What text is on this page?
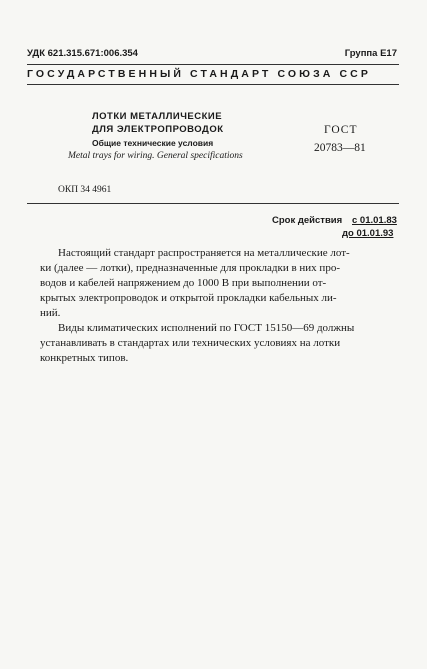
УДК 621.315.671:006.354	Группа Е17
ГОСУДАРСТВЕННЫЙ СТАНДАРТ СОЮЗА ССР
ЛОТКИ МЕТАЛЛИЧЕСКИЕ
ДЛЯ ЭЛЕКТРОПРОВОДОК
Общие технические условия
Metal trays for wiring. General specifications
ГОСТ
20783—81
ОКП 34 4961
Срок действия с 01.01.83
до 01.01.93
Настоящий стандарт распространяется на металлические лот-
ки (далее — лотки), предназначенные для прокладки в них про-
водов и кабелей напряжением до 1000 В при выполнении от-
крытых электропроводок и открытой прокладки кабельных ли-
ний.
Виды климатических исполнений по ГОСТ 15150—69 должны
устанавливать в стандартах или технических условиях на лотки
конкретных типов.
